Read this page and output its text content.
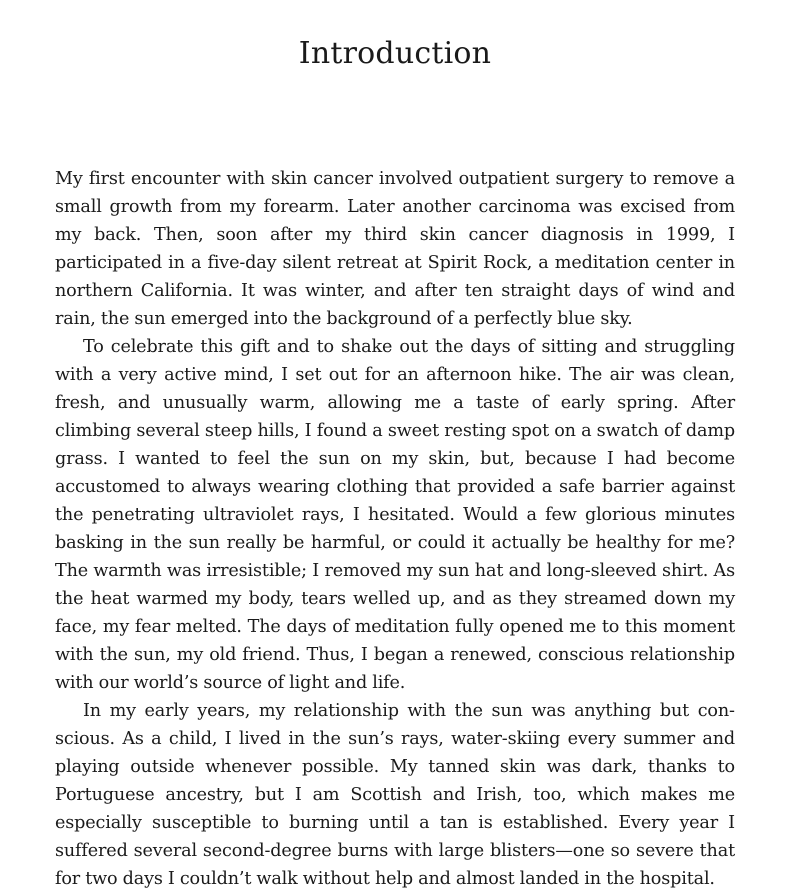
Introduction

My first encounter with skin cancer involved outpatient surgery to remove a small growth from my forearm. Later another carcinoma was excised from my back. Then, soon after my third skin cancer diagnosis in 1999, I participated in a five-day silent retreat at Spirit Rock, a meditation center in northern California. It was winter, and after ten straight days of wind and rain, the sun emerged into the background of a perfectly blue sky.

To celebrate this gift and to shake out the days of sitting and struggling with a very active mind, I set out for an afternoon hike. The air was clean, fresh, and unusually warm, allowing me a taste of early spring. After climbing several steep hills, I found a sweet resting spot on a swatch of damp grass. I wanted to feel the sun on my skin, but, because I had become accustomed to always wearing clothing that provided a safe barrier against the penetrating ultraviolet rays, I hesitated. Would a few glorious minutes basking in the sun really be harmful, or could it actually be healthy for me? The warmth was irresistible; I removed my sun hat and long-sleeved shirt. As the heat warmed my body, tears welled up, and as they streamed down my face, my fear melted. The days of meditation fully opened me to this moment with the sun, my old friend. Thus, I began a renewed, conscious relationship with our world’s source of light and life.

In my early years, my relationship with the sun was anything but conscious. As a child, I lived in the sun’s rays, water-skiing every summer and playing outside whenever possible. My tanned skin was dark, thanks to Portuguese ancestry, but I am Scottish and Irish, too, which makes me especially susceptible to burning until a tan is established. Every year I suffered several second-degree burns with large blisters—one so severe that for two days I couldn’t walk without help and almost landed in the hospital.
